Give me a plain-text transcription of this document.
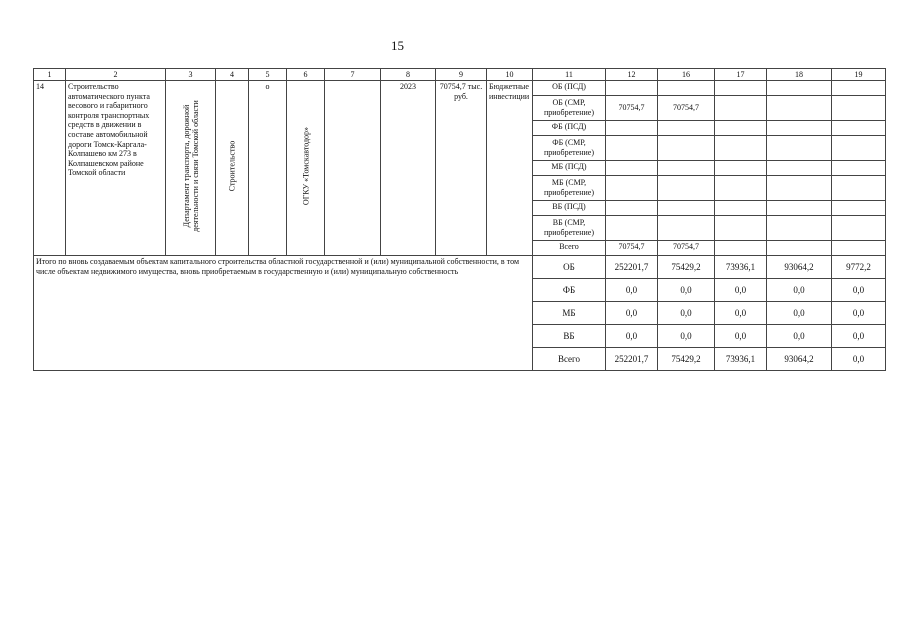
15
1	2	3	4	5	6	7	8	9	10	11	12	16	17	18	19
14	Строительство автоматического пункта весового и габаритного контроля транспортных средств в движении в составе автомобильной дороги Томск-Каргала-Колпашево км 273 в Колпашевском районе Томской области	Департамент транспорта, дорожной деятельности и связи Томской области	Строительство	о	ОГКУ «Томскавтодор»		2023	70754,7 тыс. руб.	Бюджетные инвестиции	ОБ (ПСД)					
										ОБ (СМР, приобретение)	70754,7	70754,7			
										ФБ (ПСД)					
										ФБ (СМР, приобретение)					
										МБ (ПСД)					
										МБ (СМР, приобретение)					
										ВБ (ПСД)					
										ВБ (СМР, приобретение)					
										Всего	70754,7	70754,7			
Итого по вновь создаваемым объектам капитального строительства областной государственной и (или) муниципальной собственности, в том числе объектам недвижимого имущества, вновь приобретаемым в государственную и (или) муниципальную собственность										ОБ	252201,7	75429,2	73936,1	93064,2	9772,2
										ФБ	0,0	0,0	0,0	0,0	0,0
										МБ	0,0	0,0	0,0	0,0	0,0
										ВБ	0,0	0,0	0,0	0,0	0,0
										Всего	252201,7	75429,2	73936,1	93064,2	0,0
